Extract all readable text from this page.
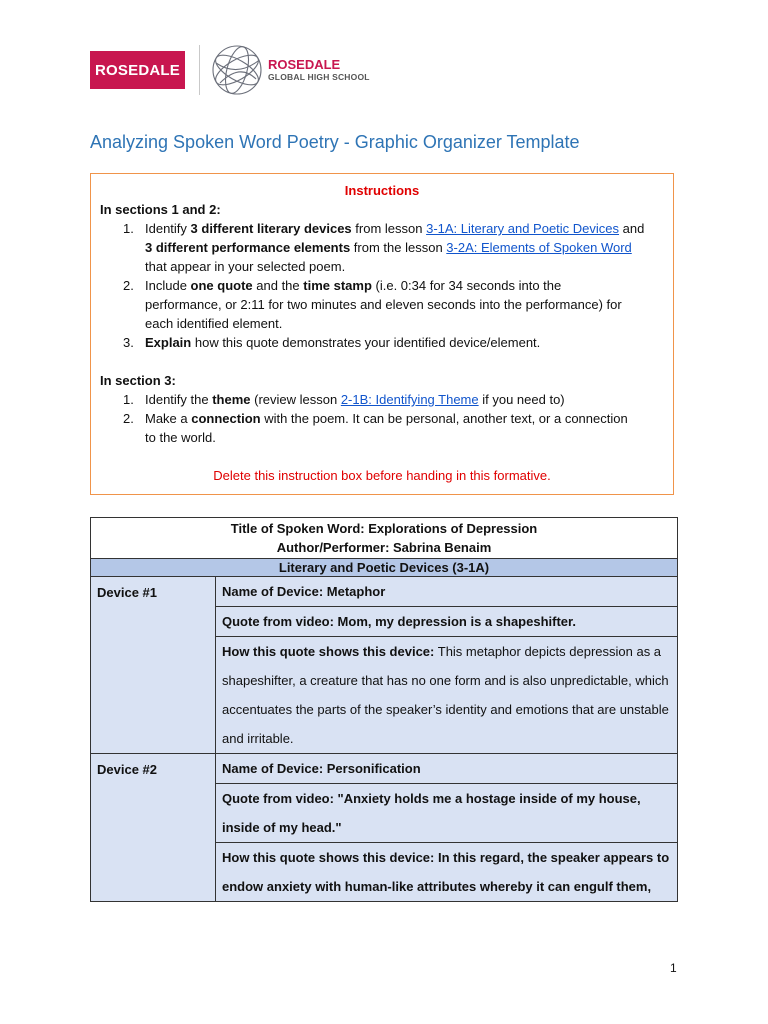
ROSEDALE	ROSEDALE
GLOBAL HIGH SCHOOL
Analyzing Spoken Word Poetry - Graphic Organizer Template
Instructions
In sections 1 and 2:
1. Identify 3 different literary devices from lesson 3-1A: Literary and Poetic Devices and
3 different performance elements from the lesson 3-2A: Elements of Spoken Word
that appear in your selected poem.
2. Include one quote and the time stamp (i.e. 0:34 for 34 seconds into the
performance, or 2:11 for two minutes and eleven seconds into the performance) for
each identified element.
3. Explain how this quote demonstrates your identified device/element.
In section 3:
1. Identify the theme (review lesson 2-1B: Identifying Theme if you need to)
2. Make a connection with the poem. It can be personal, another text, or a connection
to the world.
Delete this instruction box before handing in this formative.
Title of Spoken Word: Explorations of Depression
Author/Performer: Sabrina Benaim	

Literary and Poetic Devices (3-1A)	
Device #1	Name of Device: Metaphor
	Quote from video: Mom, my depression is a shapeshifter.
	How this quote shows this device: This metaphor depicts depression as a shapeshifter, a creature that has no one form and is also unpredictable, which accentuates the parts of the speaker’s identity and emotions that are unstable and irritable.
Device #2	Name of Device: Personification
	Quote from video: "Anxiety holds me a hostage inside of my house, inside of my head."
	How this quote shows this device: In this regard, the speaker appears to endow anxiety with human-like attributes whereby it can engulf them,
1
